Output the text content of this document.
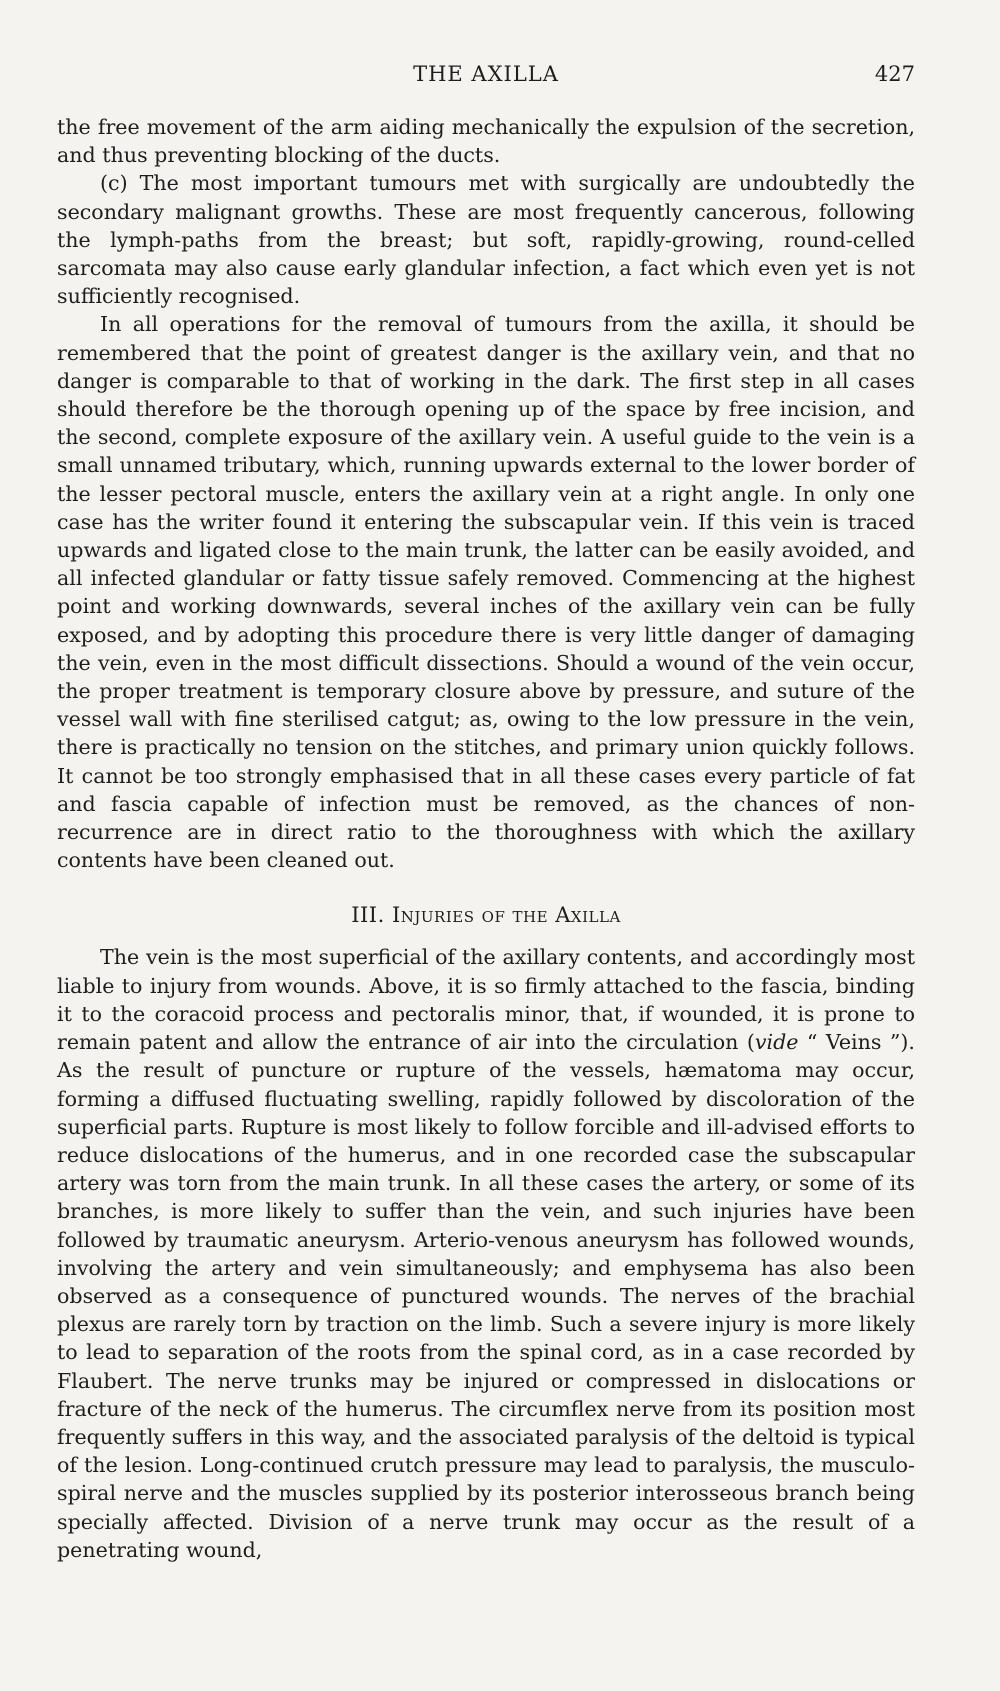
THE AXILLA	427

the free movement of the arm aiding mechanically the expulsion of the secretion, and thus preventing blocking of the ducts.

(c) The most important tumours met with surgically are undoubtedly the secondary malignant growths. These are most frequently cancerous, following the lymph-paths from the breast; but soft, rapidly-growing, round-celled sarcomata may also cause early glandular infection, a fact which even yet is not sufficiently recognised.

In all operations for the removal of tumours from the axilla, it should be remembered that the point of greatest danger is the axillary vein, and that no danger is comparable to that of working in the dark. The first step in all cases should therefore be the thorough opening up of the space by free incision, and the second, complete exposure of the axillary vein. A useful guide to the vein is a small unnamed tributary, which, running upwards external to the lower border of the lesser pectoral muscle, enters the axillary vein at a right angle. In only one case has the writer found it entering the subscapular vein. If this vein is traced upwards and ligated close to the main trunk, the latter can be easily avoided, and all infected glandular or fatty tissue safely removed. Commencing at the highest point and working downwards, several inches of the axillary vein can be fully exposed, and by adopting this procedure there is very little danger of damaging the vein, even in the most difficult dissections. Should a wound of the vein occur, the proper treatment is temporary closure above by pressure, and suture of the vessel wall with fine sterilised catgut; as, owing to the low pressure in the vein, there is practically no tension on the stitches, and primary union quickly follows. It cannot be too strongly emphasised that in all these cases every particle of fat and fascia capable of infection must be removed, as the chances of non-recurrence are in direct ratio to the thoroughness with which the axillary contents have been cleaned out.

III. Injuries of the Axilla

The vein is the most superficial of the axillary contents, and accordingly most liable to injury from wounds. Above, it is so firmly attached to the fascia, binding it to the coracoid process and pectoralis minor, that, if wounded, it is prone to remain patent and allow the entrance of air into the circulation (vide “ Veins ”). As the result of puncture or rupture of the vessels, hæmatoma may occur, forming a diffused fluctuating swelling, rapidly followed by discoloration of the superficial parts. Rupture is most likely to follow forcible and ill-advised efforts to reduce dislocations of the humerus, and in one recorded case the subscapular artery was torn from the main trunk. In all these cases the artery, or some of its branches, is more likely to suffer than the vein, and such injuries have been followed by traumatic aneurysm. Arterio-venous aneurysm has followed wounds, involving the artery and vein simultaneously; and emphysema has also been observed as a consequence of punctured wounds. The nerves of the brachial plexus are rarely torn by traction on the limb. Such a severe injury is more likely to lead to separation of the roots from the spinal cord, as in a case recorded by Flaubert. The nerve trunks may be injured or compressed in dislocations or fracture of the neck of the humerus. The circumflex nerve from its position most frequently suffers in this way, and the associated paralysis of the deltoid is typical of the lesion. Long-continued crutch pressure may lead to paralysis, the musculo-spiral nerve and the muscles supplied by its posterior interosseous branch being specially affected. Division of a nerve trunk may occur as the result of a penetrating wound,
